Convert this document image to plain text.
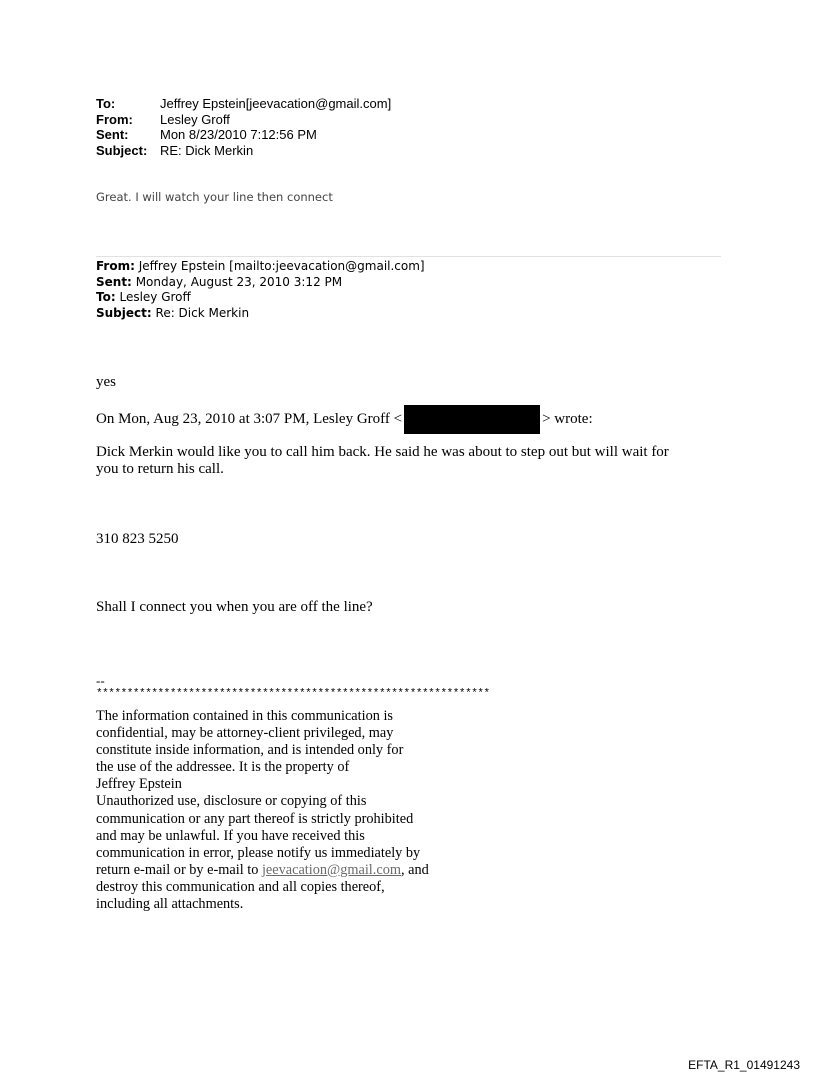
To:	Jeffrey Epstein[jeevacation@gmail.com]
From:	Lesley Groff
Sent:	Mon 8/23/2010 7:12:56 PM
Subject: RE: Dick Merkin
Great. I will watch your line then connect
From: Jeffrey Epstein [mailto:jeevacation@gmail.com]
Sent: Monday, August 23, 2010 3:12 PM
To: Lesley Groff
Subject: Re: Dick Merkin
yes
On Mon, Aug 23, 2010 at 3:07 PM, Lesley Groff <	> wrote:
Dick Merkin would like you to call him back. He said he was about to step out but will wait for
you to return his call.
310 823 5250
Shall I connect you when you are off the line?
--
****************************************************************
The information contained in this communication is
confidential, may be attorney-client privileged, may
constitute inside information, and is intended only for
the use of the addressee. It is the property of
Jeffrey Epstein
Unauthorized use, disclosure or copying of this
communication or any part thereof is strictly prohibited
and may be unlawful. If you have received this
communication in error, please notify us immediately by
return e-mail or by e-mail to jeevacation@gmail.com, and
destroy this communication and all copies thereof,
including all attachments.
EFTA_R1_01491243
